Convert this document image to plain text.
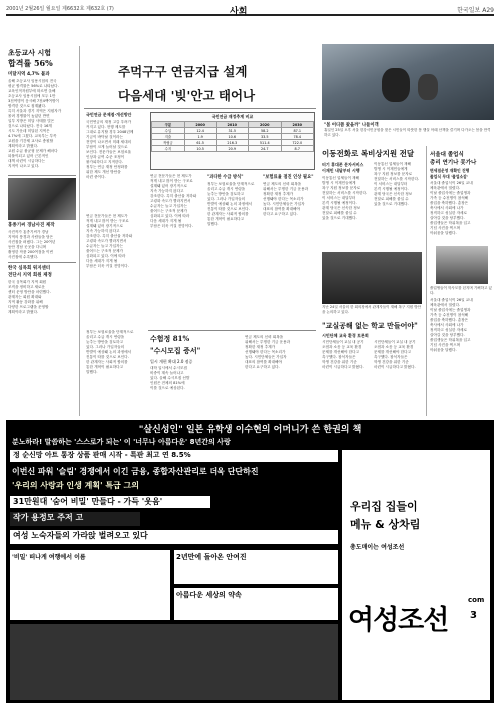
2001년 2월26일 월요일 제6632호 제632호 (7)	사회	한국일보 A29
초등교사 시험
합격률 56%
미달지역 4,7% 불과
올해 초등교사 임용시험의 전국
평균 합격률은 56%로 나타났다.
교육인적자원부에 따르면 올해
초등교사 임용시험에 모두 1만
3천여명이 응시해 7천4백여명이
합격한 것으로 집계됐다.
특히 서울과 경기 지역은 지원자가
몰려 경쟁률이 높았던 반면
일부 지방은 미달 사태를 빚은
것으로 나타났다. 전국 16개
시도 가운데 미달된 지역은
4.7%에 그쳤다. 교육부는 부족
교원을 기간제 교사로 충원할
계획이라고 밝혔다.
교원 수급 불균형 문제가 해마다
되풀이되고 있어 근본적인
대책 마련이 시급하다는
지적이 나오고 있다.
홍종기씨 경남사진 제작
사진작가 홍종기씨가 경남
지역의 풍경과 사람들을 담은
사진집을 펴냈다. 그는 20여년
동안 경남 곳곳을 다니며
촬영한 작품 200여점을 이번
사진집에 수록했다.
한국 심목회 워지센터
전단서 지역 회원 제정
한국 심목회가 지역 회원
조직을 정비하고 새로운
센터 운영 방안을 마련했다.
관계자는 회원 확대와
지역 활동 강화를 위해
다양한 프로그램을 운영할
계획이라고 밝혔다.
주먹구구 연금지급 설계
다음세대 '빚'안고 태어나
국민연금 문제점·개선방안
국민연금의 재정 고갈 우려가
커지고 있다. 현행 제도를
그대로 유지할 경우 2048년께
기금이 바닥날 것이라는
전망이 나오면서 미래 세대의
부담이 크게 늘어날 것으로
보인다. 전문가들은 보험료율
인상과 급여 수준 조정이
불가피하다고 지적한다.
정부는 연금 재정 안정화를
위한 제도 개선 방안을
마련 중이다.
국민연금 재정추계 비교
구분	2000	2010	2020	2030
수입	12.4	31.5	58.2	87.1
지출	1.9	10.6	33.5	78.4
적립금	61.5	216.3	511.4	722.0
수지	10.5	20.9	24.7	8.7
연금 전문가들은 현 제도가
적게 내고 많이 받는 구조로
설계돼 있어 장기적으로
지속 가능하지 않다고
강조한다. 특히 출산율 저하와
고령화 속도가 빨라지면서
수급자는 늘고 가입자는
줄어드는 구조적 문제가
심화되고 있다. 이에 따라
다음 세대가 지게 될
부담은 더욱 커질 전망이다.
"과다한 수급 방식"
정부는 보험료율을 단계적으로
올리고 수급 개시 연령을
늦추는 방안을 검토하고
있다. 그러나 가입자들의
반발이 예상돼 논의 과정에서
진통이 따를 것으로 보인다.
한 관계자는 사회적 합의를
통한 개혁이 필요하다고
말했다.
"보험료율 점진 인상 필요"
연금 제도의 신뢰 회복을
위해서는 투명한 기금 운용과
정확한 재정 추계가
선행돼야 한다는 목소리가
높다. 시민단체들은 가입자
대표의 참여를 확대해야
한다고 요구하고 있다.
연금 전문가들은 현 제도가
적게 내고 많이 받는 구조로
설계돼 있어 장기적으로
지속 가능하지 않다고
강조한다. 특히 출산율 저하와
고령화 속도가 빨라지면서
수급자는 늘고 가입자는
줄어드는 구조적 문제가
심화되고 있다. 이에 따라
다음 세대가 지게 될
부담은 더욱 커질 전망이다.
수험정 81%
"수시모집 증서"
입시 개편 확대 2.0 점증
대학 입시에서 수시모집
비중이 계속 늘어나고
있다. 올해 수시모집 선발
인원은 전체의 81%에
이를 것으로 예상된다.
정부는 보험료율을 단계적으로
올리고 수급 개시 연령을
늦추는 방안을 검토하고
있다. 그러나 가입자들의
반발이 예상돼 논의 과정에서
진통이 따를 것으로 보인다.
한 관계자는 사회적 합의를
통한 개혁이 필요하다고
말했다.
연금 제도의 신뢰 회복을
위해서는 투명한 기금 운용과
정확한 재정 추계가
선행돼야 한다는 목소리가
높다. 시민단체들은 가입자
대표의 참여를 확대해야
한다고 요구하고 있다.
"봄 어디쯤 왔을까" 나들이객
휴일인 25일 오후 서울 한강시민공원을 찾은 시민들이 따뜻한 봄 햇살 아래 산책을 즐기며 다가오는 봄을 만끽하고 있다.
이동전화로 복비상지원 전달
터기 휴대폰 문자서비스
이재민 내달부터 시행
이동통신 업체들이 재해
발생 시 이재민들에게
복구 지원 정보를 문자로
전달하는 서비스를 시작한다.
이 서비스는 내달부터
본격 시행될 예정이다.
관계 당국은 신속한 정보
전달로 피해를 줄일 수
있을 것으로 기대했다.
이동통신 업체들이 재해
발생 시 이재민들에게
복구 지원 정보를 문자로
전달하는 서비스를 시작한다.
이 서비스는 내달부터
본격 시행될 예정이다.
관계 당국은 신속한 정보
전달로 피해를 줄일 수
있을 것으로 기대했다.
지난 24일 서울의 한 회의장에서 관계자들이 재해 복구 지원 방안을 논의하고 있다.
"교실공해 없는 학교 만들어야"
시민단체 교육 환경 토론회
시민단체들이 교실 내 공기
오염과 소음 등 교육 환경
문제를 개선해야 한다고
촉구했다. 참석자들은
학생 건강을 위한 기준
마련이 시급하다고 밝혔다.
시민단체들이 교실 내 공기
오염과 소음 등 교육 환경
문제를 개선해야 한다고
촉구했다. 참석자들은
학생 건강을 위한 기준
마련이 시급하다고 밝혔다.
서울대 졸업식
총리 연기나 못가나
면세점운영 재확인 진행
졸업식 무대 '졸업소감'
서울대 졸업식이 26일 교내
체육관에서 열렸다.
이날 졸업식에는 졸업생과
가족 등 수천명이 참석해
졸업을 축하했다. 총장은
축사에서 사회에 나가
정직하고 성실한 자세로
살아갈 것을 당부했다.
졸업생들은 학위복을 입고
기념 사진을 찍으며
아쉬움을 달랬다.
졸업생들이 학사모를 던지며 기뻐하고 있다.
서울대 졸업식이 26일 교내
체육관에서 열렸다.
이날 졸업식에는 졸업생과
가족 등 수천명이 참석해
졸업을 축하했다. 총장은
축사에서 사회에 나가
정직하고 성실한 자세로
살아갈 것을 당부했다.
졸업생들은 학위복을 입고
기념 사진을 찍으며
아쉬움을 달랬다.
"살신성인" 일본 유학생 이수현의 어머니가 쓴 한권의 책
분노하라! 말씀하는 '스스로가 되는' 이 '너무나 아름다운' 8년간의 사랑
정 순신망 아트 통장 상품 판매 시작 - 특판 최고 연 8.5%
이번신 파워 '슬림' 경쟁에서 이긴 금융, 종합자산관리로 더욱 단단하진
'우리의 사랑과 인생 계획' 특급 그의
31만원대 '숨어 비밀' 만들다 - 가득 '웃음'
작가 용정모 주저 고
여성 노숙자들의 가라앉 벌려오고 있다
'비밀' 떠나게 여행에서 이름	2년만에 돌아온 안여진
아름다운 세상의 약속
우리집 집들이
메뉴 & 상차림
총도매이는 여성조선
여성조선
com
3
